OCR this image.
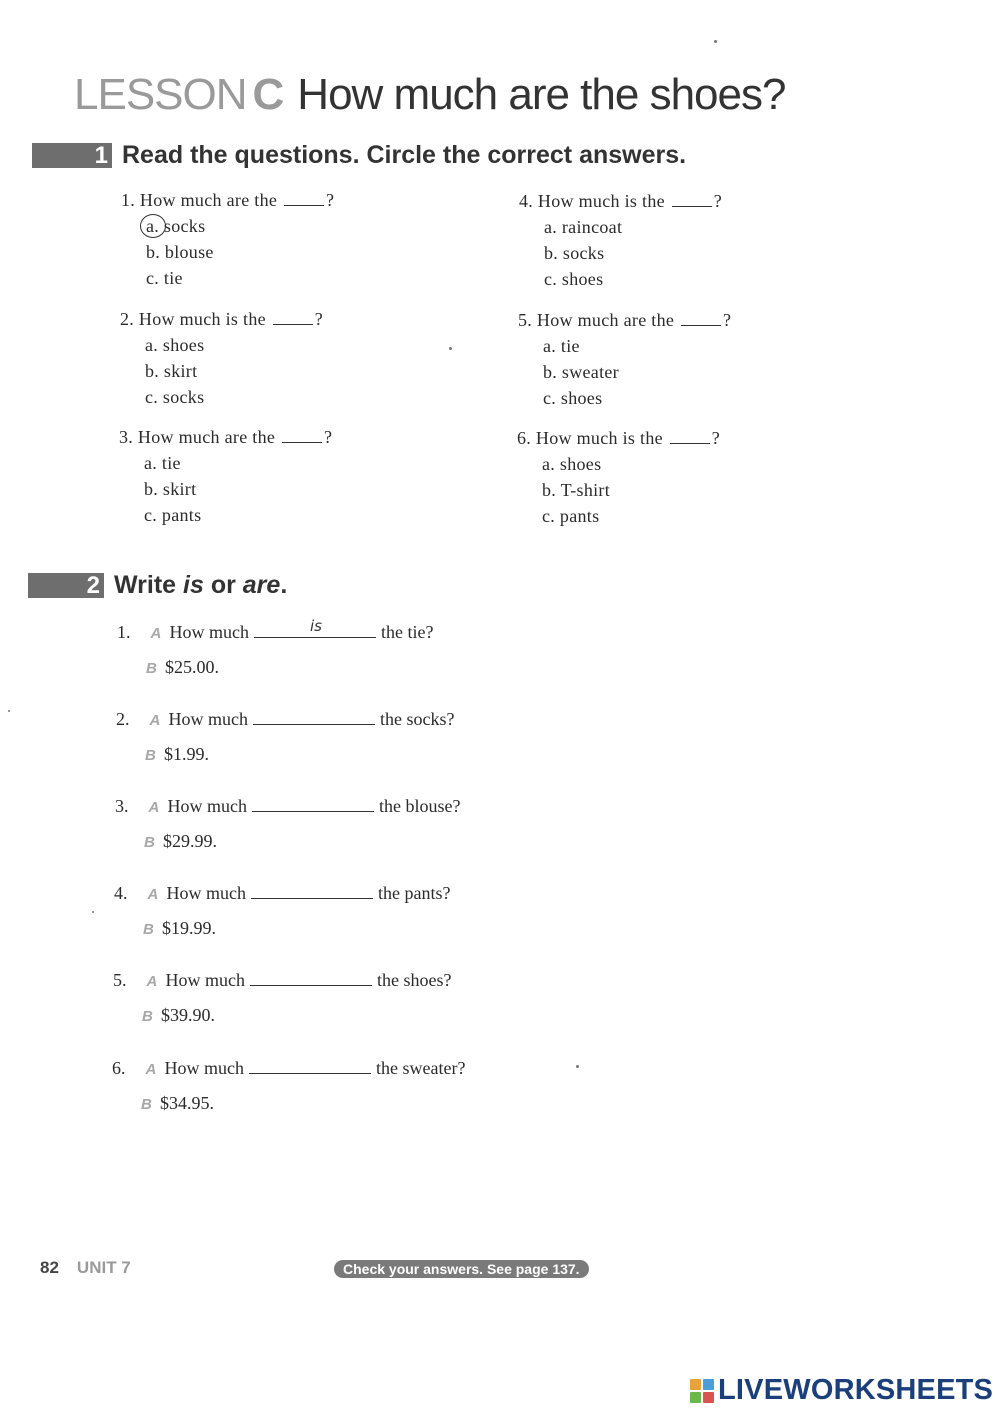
LESSON C How much are the shoes?
1 Read the questions. Circle the correct answers.
1. How much are the	?
a. socks
b. blouse
c. tie
2. How much is the	?
a. shoes
b. skirt
c. socks
3. How much are the	?
a. tie
b. skirt
c. pants
4. How much is the	?
a. raincoat
b. socks
c. shoes
5. How much are the	?
a. tie
b. sweater
c. shoes
6. How much is the	?
a. shoes
b. T-shirt
c. pants
2 Write is or are.
1. A How much	is	the tie?
B $25.00.
2. A How much	the socks?
B $1.99.
3. A How much	the blouse?
B $29.99.
4. A How much	the pants?
B $19.99.
5. A How much	the shoes?
B $39.90.
6. A How much	the sweater?
B $34.95.
82 UNIT 7	Check your answers. See page 137.
LIVEWORKSHEETS
